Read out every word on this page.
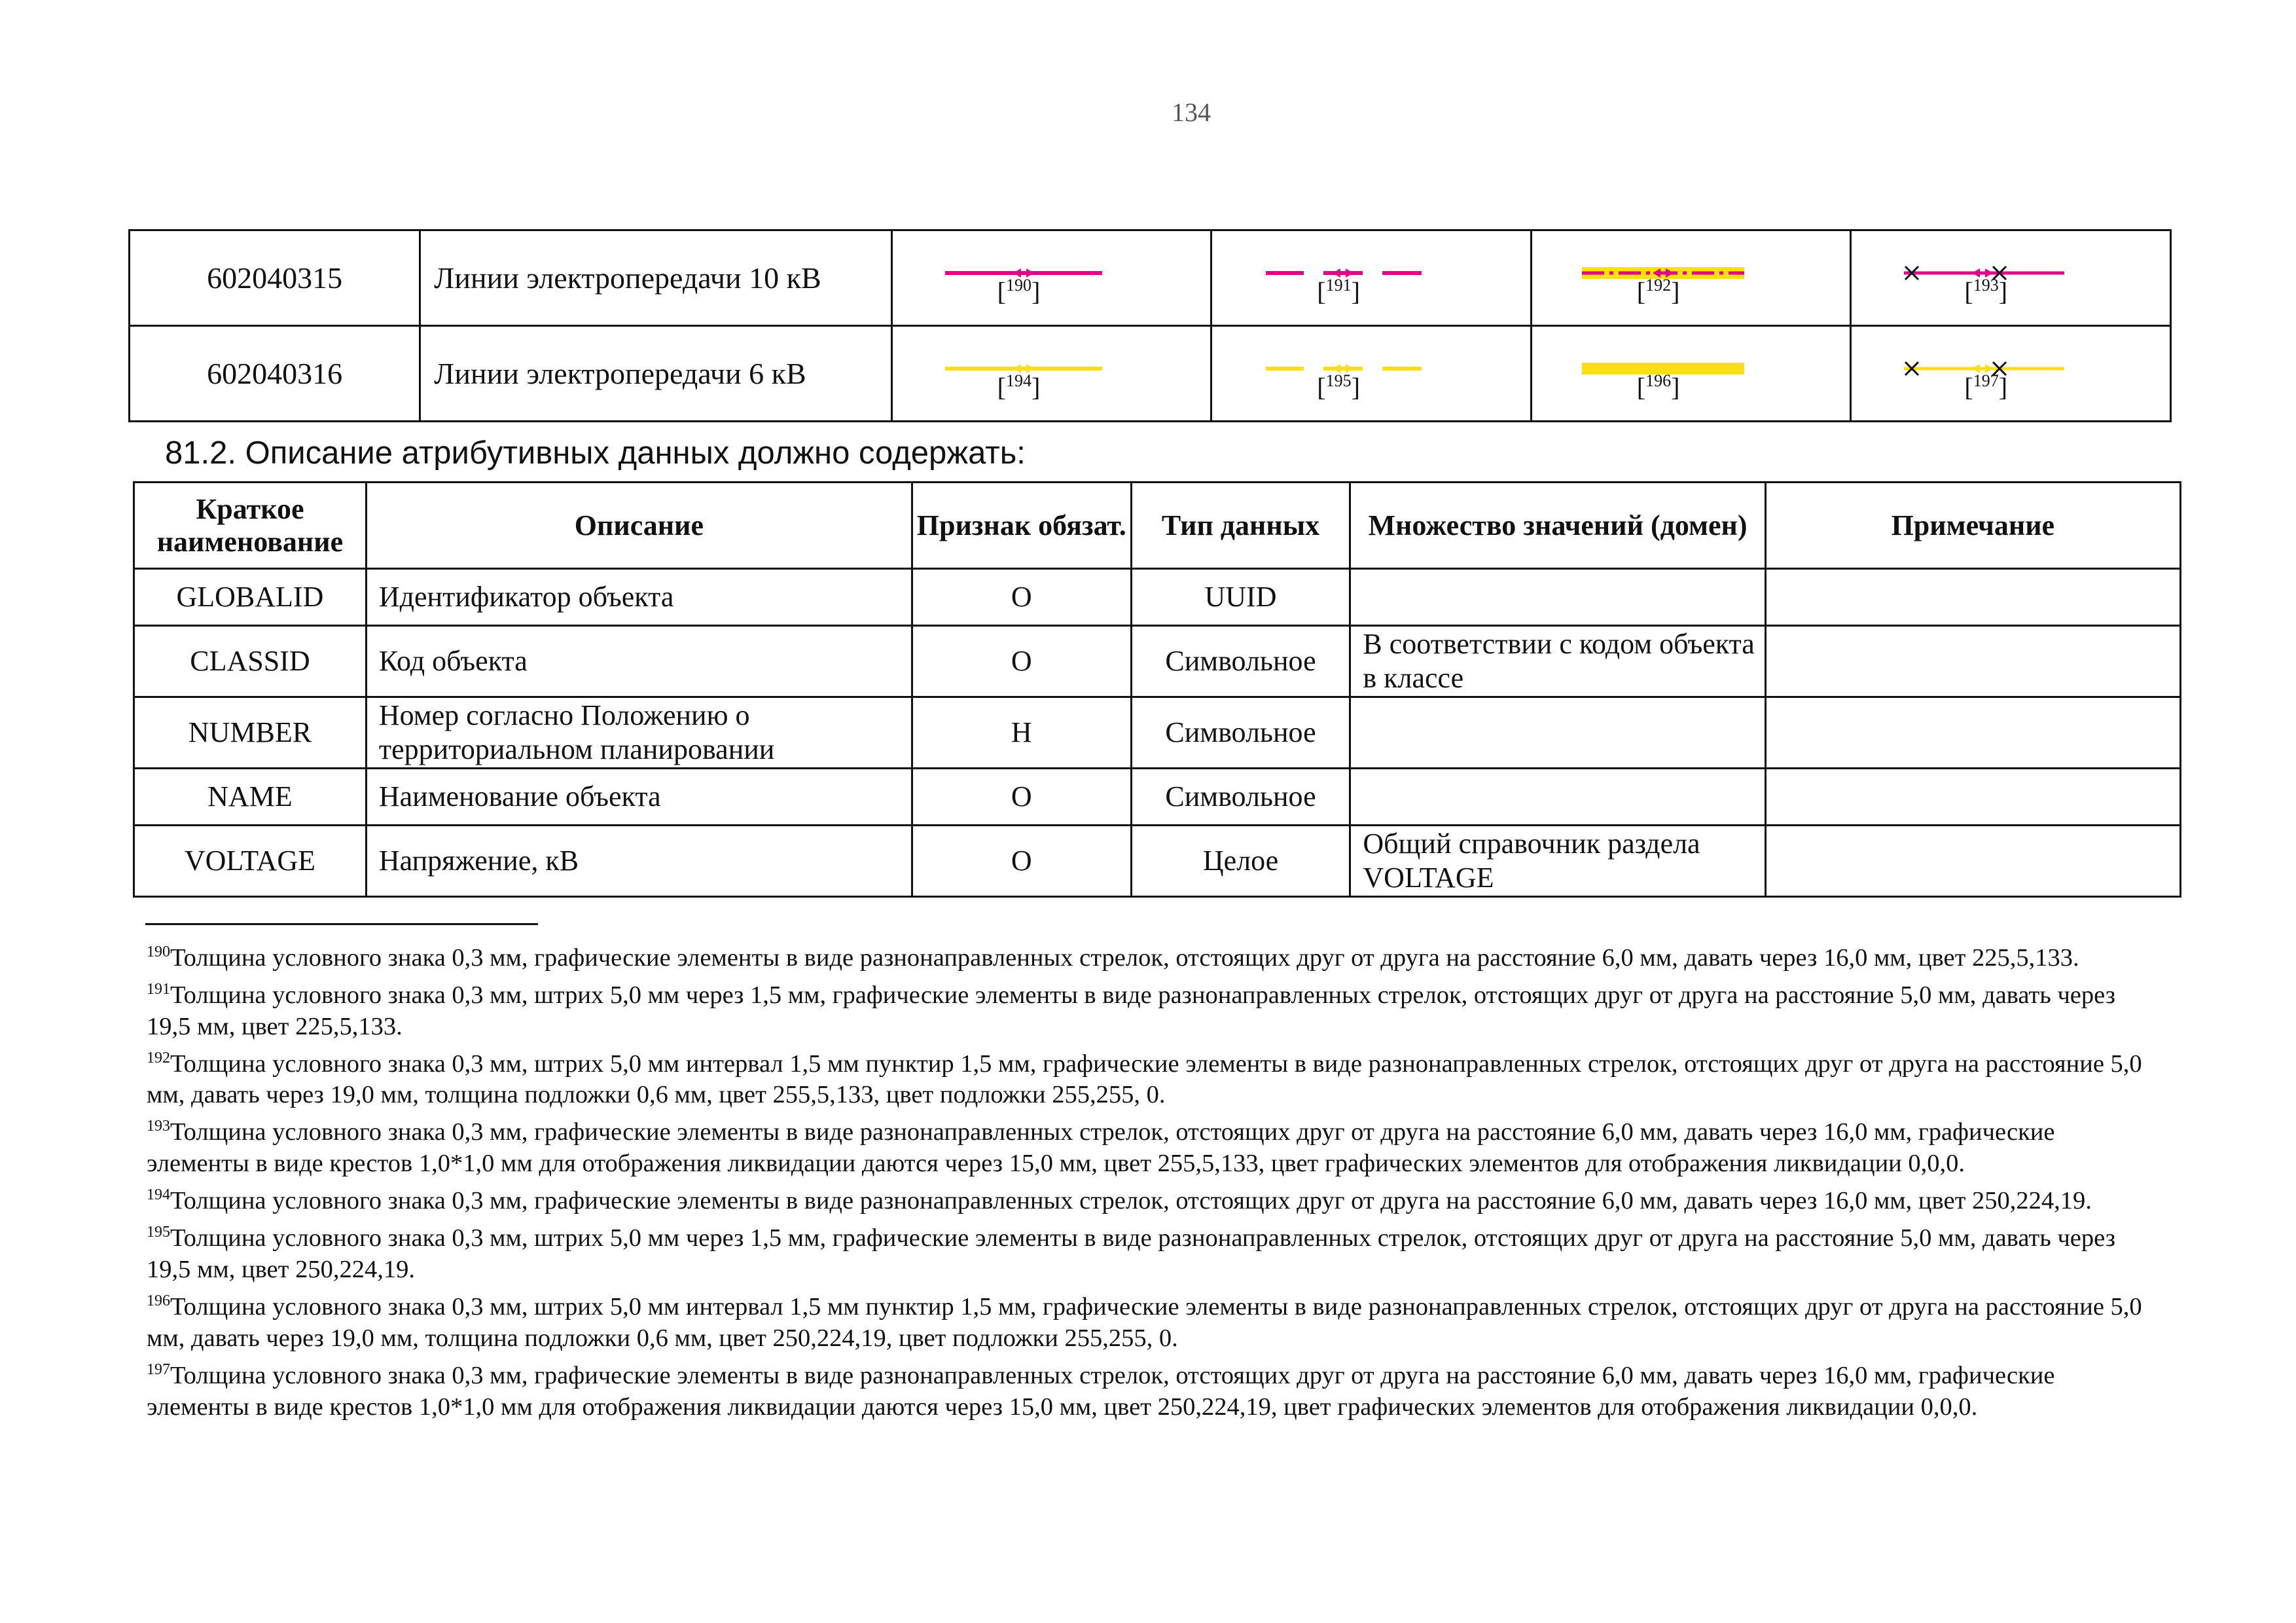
134
602040315	Линии электропередачи 10 кВ	[$^{190}$]	[$^{191}$]	[$^{192}$]	[$^{193}$]

602040316	Линии электропередачи 6 кВ	[$^{194}$]	[$^{195}$]	[$^{196}$]	[$^{197}$]
81.2. Описание атрибутивных данных должно содержать:
Краткое наименование	Описание	Признак обязат.	Тип данных	Множество значений (домен)	Примечание
GLOBALID	Идентификатор объекта	О	UUID		
CLASSID	Код объекта	О	Символьное	В соответствии с кодом объекта в классе	
NUMBER	Номер согласно Положению о территориальном планировании	Н	Символьное		
NAME	Наименование объекта	О	Символьное		
VOLTAGE	Напряжение, кВ	О	Целое	Общий справочник раздела VOLTAGE	
$^{190}$Толщина условного знака 0,3 мм, графические элементы в виде разнонаправленных стрелок, отстоящих друг от друга на расстояние 6,0 мм, давать через 16,0 мм, цвет 225,5,133.
$^{191}$Толщина условного знака 0,3 мм, штрих 5,0 мм через 1,5 мм, графические элементы в виде разнонаправленных стрелок, отстоящих друг от друга на расстояние 5,0 мм, давать через 19,5 мм, цвет 225,5,133.
$^{192}$Толщина условного знака 0,3 мм, штрих 5,0 мм интервал 1,5 мм пунктир 1,5 мм, графические элементы в виде разнонаправленных стрелок, отстоящих друг от друга на расстояние 5,0 мм, давать через 19,0 мм, толщина подложки 0,6 мм, цвет 255,5,133, цвет подложки 255,255, 0.
$^{193}$Толщина условного знака 0,3 мм, графические элементы в виде разнонаправленных стрелок, отстоящих друг от друга на расстояние 6,0 мм, давать через 16,0 мм, графические элементы в виде крестов 1,0*1,0 мм для отображения ликвидации даются через 15,0 мм, цвет 255,5,133, цвет графических элементов для отображения ликвидации 0,0,0.
$^{194}$Толщина условного знака 0,3 мм, графические элементы в виде разнонаправленных стрелок, отстоящих друг от друга на расстояние 6,0 мм, давать через 16,0 мм, цвет 250,224,19.
$^{195}$Толщина условного знака 0,3 мм, штрих 5,0 мм через 1,5 мм, графические элементы в виде разнонаправленных стрелок, отстоящих друг от друга на расстояние 5,0 мм, давать через 19,5 мм, цвет 250,224,19.
$^{196}$Толщина условного знака 0,3 мм, штрих 5,0 мм интервал 1,5 мм пунктир 1,5 мм, графические элементы в виде разнонаправленных стрелок, отстоящих друг от друга на расстояние 5,0 мм, давать через 19,0 мм, толщина подложки 0,6 мм, цвет 250,224,19, цвет подложки 255,255, 0.
$^{197}$Толщина условного знака 0,3 мм, графические элементы в виде разнонаправленных стрелок, отстоящих друг от друга на расстояние 6,0 мм, давать через 16,0 мм, графические элементы в виде крестов 1,0*1,0 мм для отображения ликвидации даются через 15,0 мм, цвет 250,224,19, цвет графических элементов для отображения ликвидации 0,0,0.
